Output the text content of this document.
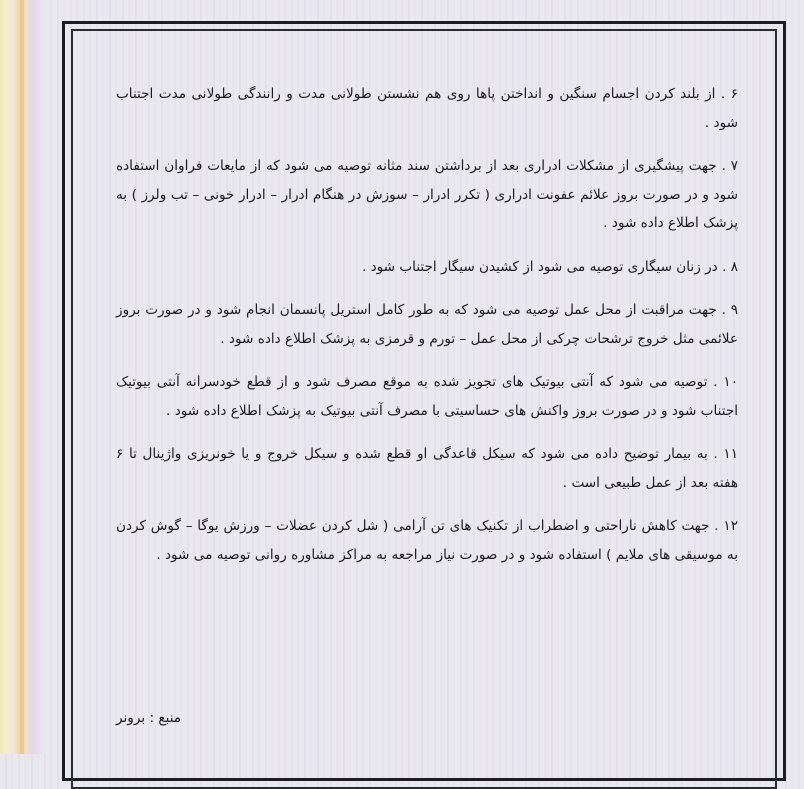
۶ . از بلند کردن اجسام سنگین و انداختن پاها روی هم نشستن طولانی مدت و رانندگی طولانی مدت اجتناب شود .

۷ . جهت پیشگیری از مشکلات ادراری بعد از برداشتن سند مثانه توصیه می شود که از مایعات فراوان استفاده شود و در صورت بروز علائم عفونت ادراری ( تکرر ادرار – سوزش در هنگام ادرار – ادرار خونی – تب ولرز ) به پزشک اطلاع داده شود .

۸ . در زنان سیگاری توصیه می شود از کشیدن سیگار اجتناب شود .

۹ . جهت مراقبت از محل عمل توصیه می شود که به طور کامل استریل پانسمان انجام شود و در صورت بروز علائمی مثل خروج ترشحات چرکی از محل عمل – تورم و قرمزی به پزشک اطلاع داده شود .

۱۰ . توصیه می شود که آنتی بیوتیک های تجویز شده به موقع مصرف شود و از قطع خودسرانه آنتی بیوتیک اجتناب شود و در صورت بروز واکنش های حساسیتی با مصرف آنتی بیوتیک به پزشک اطلاع داده شود .

۱۱ . به بیمار توضیح داده می شود که سیکل قاعدگی او قطع شده و سیکل خروج و یا خونریزی واژینال تا ۶ هفته بعد از عمل طبیعی است .

۱۲ . جهت کاهش ناراحتی و اضطراب از تکنیک های تن آرامی ( شل کردن عضلات – ورزش یوگا – گوش کردن به موسیقی های ملایم ) استفاده شود و در صورت نیاز مراجعه به مراکز مشاوره روانی توصیه می شود .

منبع : برونر
